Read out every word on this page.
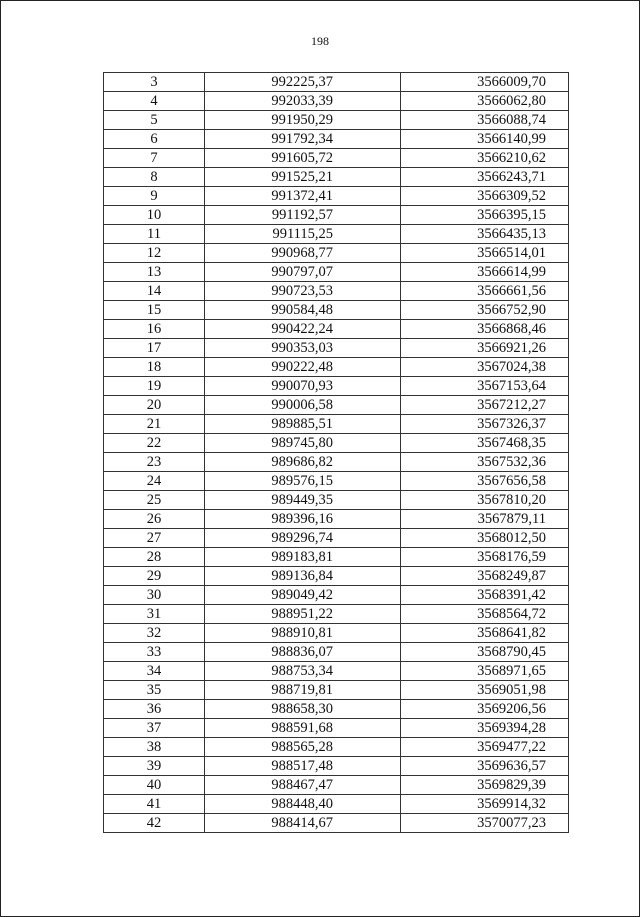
198
3	992225,37	3566009,70
4	992033,39	3566062,80
5	991950,29	3566088,74
6	991792,34	3566140,99
7	991605,72	3566210,62
8	991525,21	3566243,71
9	991372,41	3566309,52
10	991192,57	3566395,15
11	991115,25	3566435,13
12	990968,77	3566514,01
13	990797,07	3566614,99
14	990723,53	3566661,56
15	990584,48	3566752,90
16	990422,24	3566868,46
17	990353,03	3566921,26
18	990222,48	3567024,38
19	990070,93	3567153,64
20	990006,58	3567212,27
21	989885,51	3567326,37
22	989745,80	3567468,35
23	989686,82	3567532,36
24	989576,15	3567656,58
25	989449,35	3567810,20
26	989396,16	3567879,11
27	989296,74	3568012,50
28	989183,81	3568176,59
29	989136,84	3568249,87
30	989049,42	3568391,42
31	988951,22	3568564,72
32	988910,81	3568641,82
33	988836,07	3568790,45
34	988753,34	3568971,65
35	988719,81	3569051,98
36	988658,30	3569206,56
37	988591,68	3569394,28
38	988565,28	3569477,22
39	988517,48	3569636,57
40	988467,47	3569829,39
41	988448,40	3569914,32
42	988414,67	3570077,23
